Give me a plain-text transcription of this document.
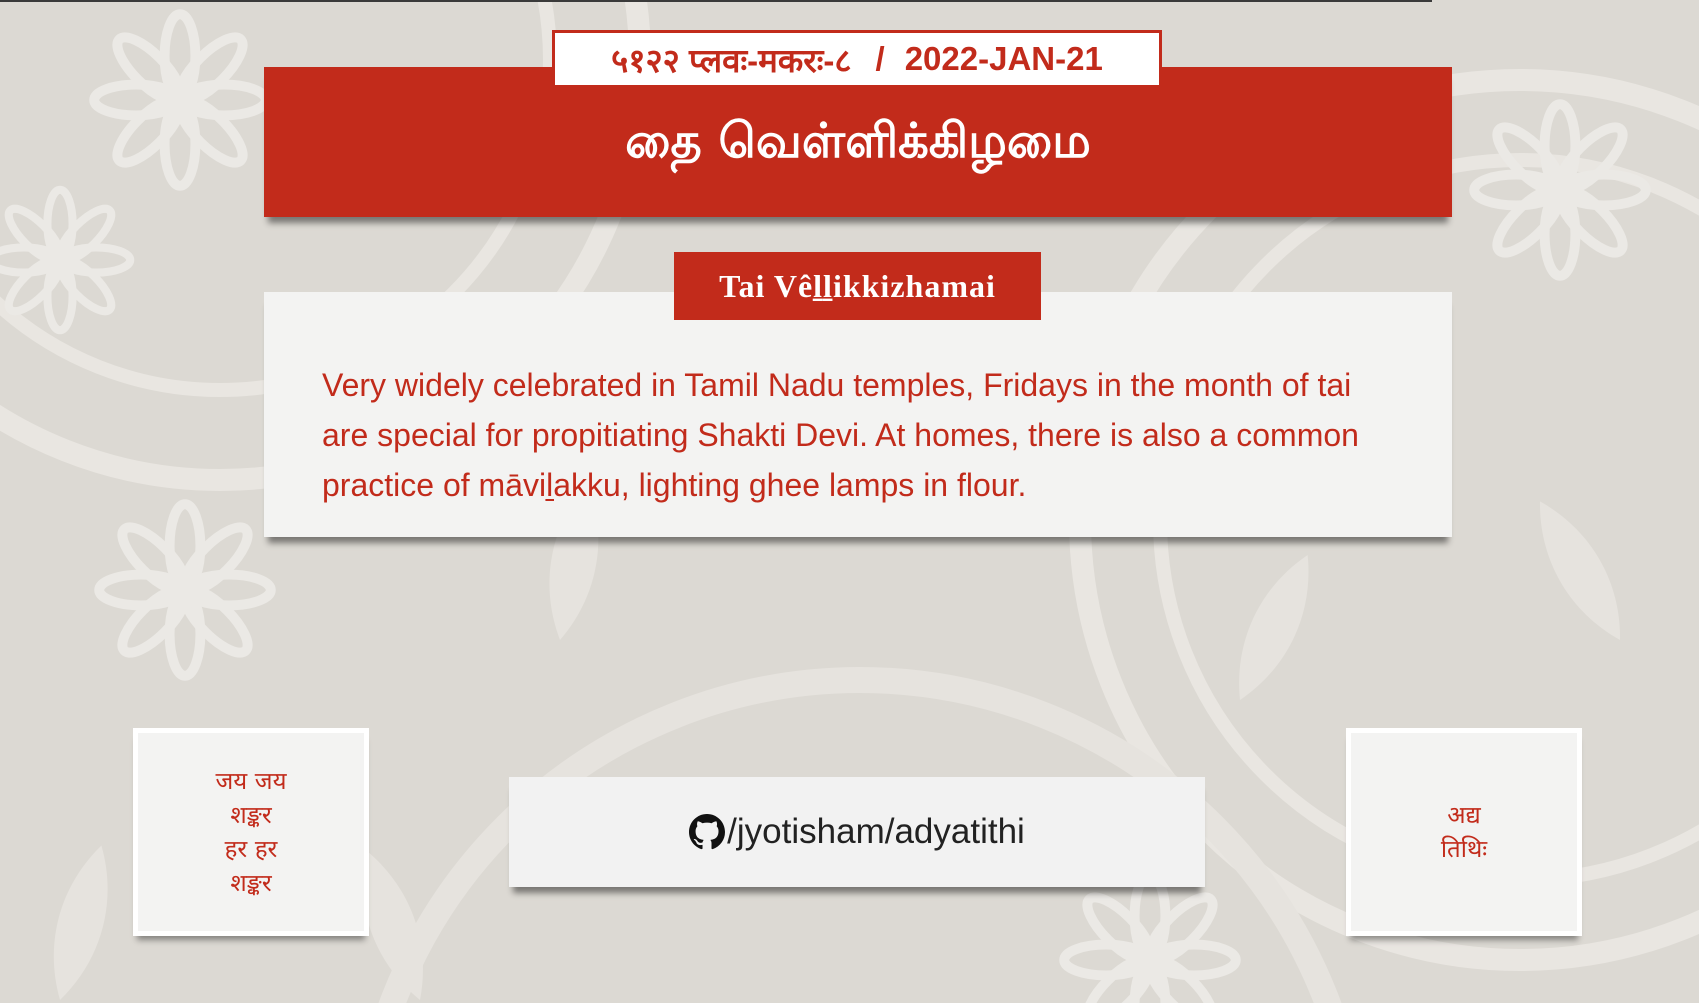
५१२२ प्लवः-मकरः-८ / 2022-JAN-21
தை வெள்ளிக்கிழமை
Tai Vêḻḻikkizhamai

Very widely celebrated in Tamil Nadu temples, Fridays in the month of tai are special for propitiating Shakti Devi. At homes, there is also a common practice of māviḻakku, lighting ghee lamps in flour.

जय जय
शङ्कर
हर हर
शङ्कर
/jyotisham/adyatithi	अद्य
तिथिः
